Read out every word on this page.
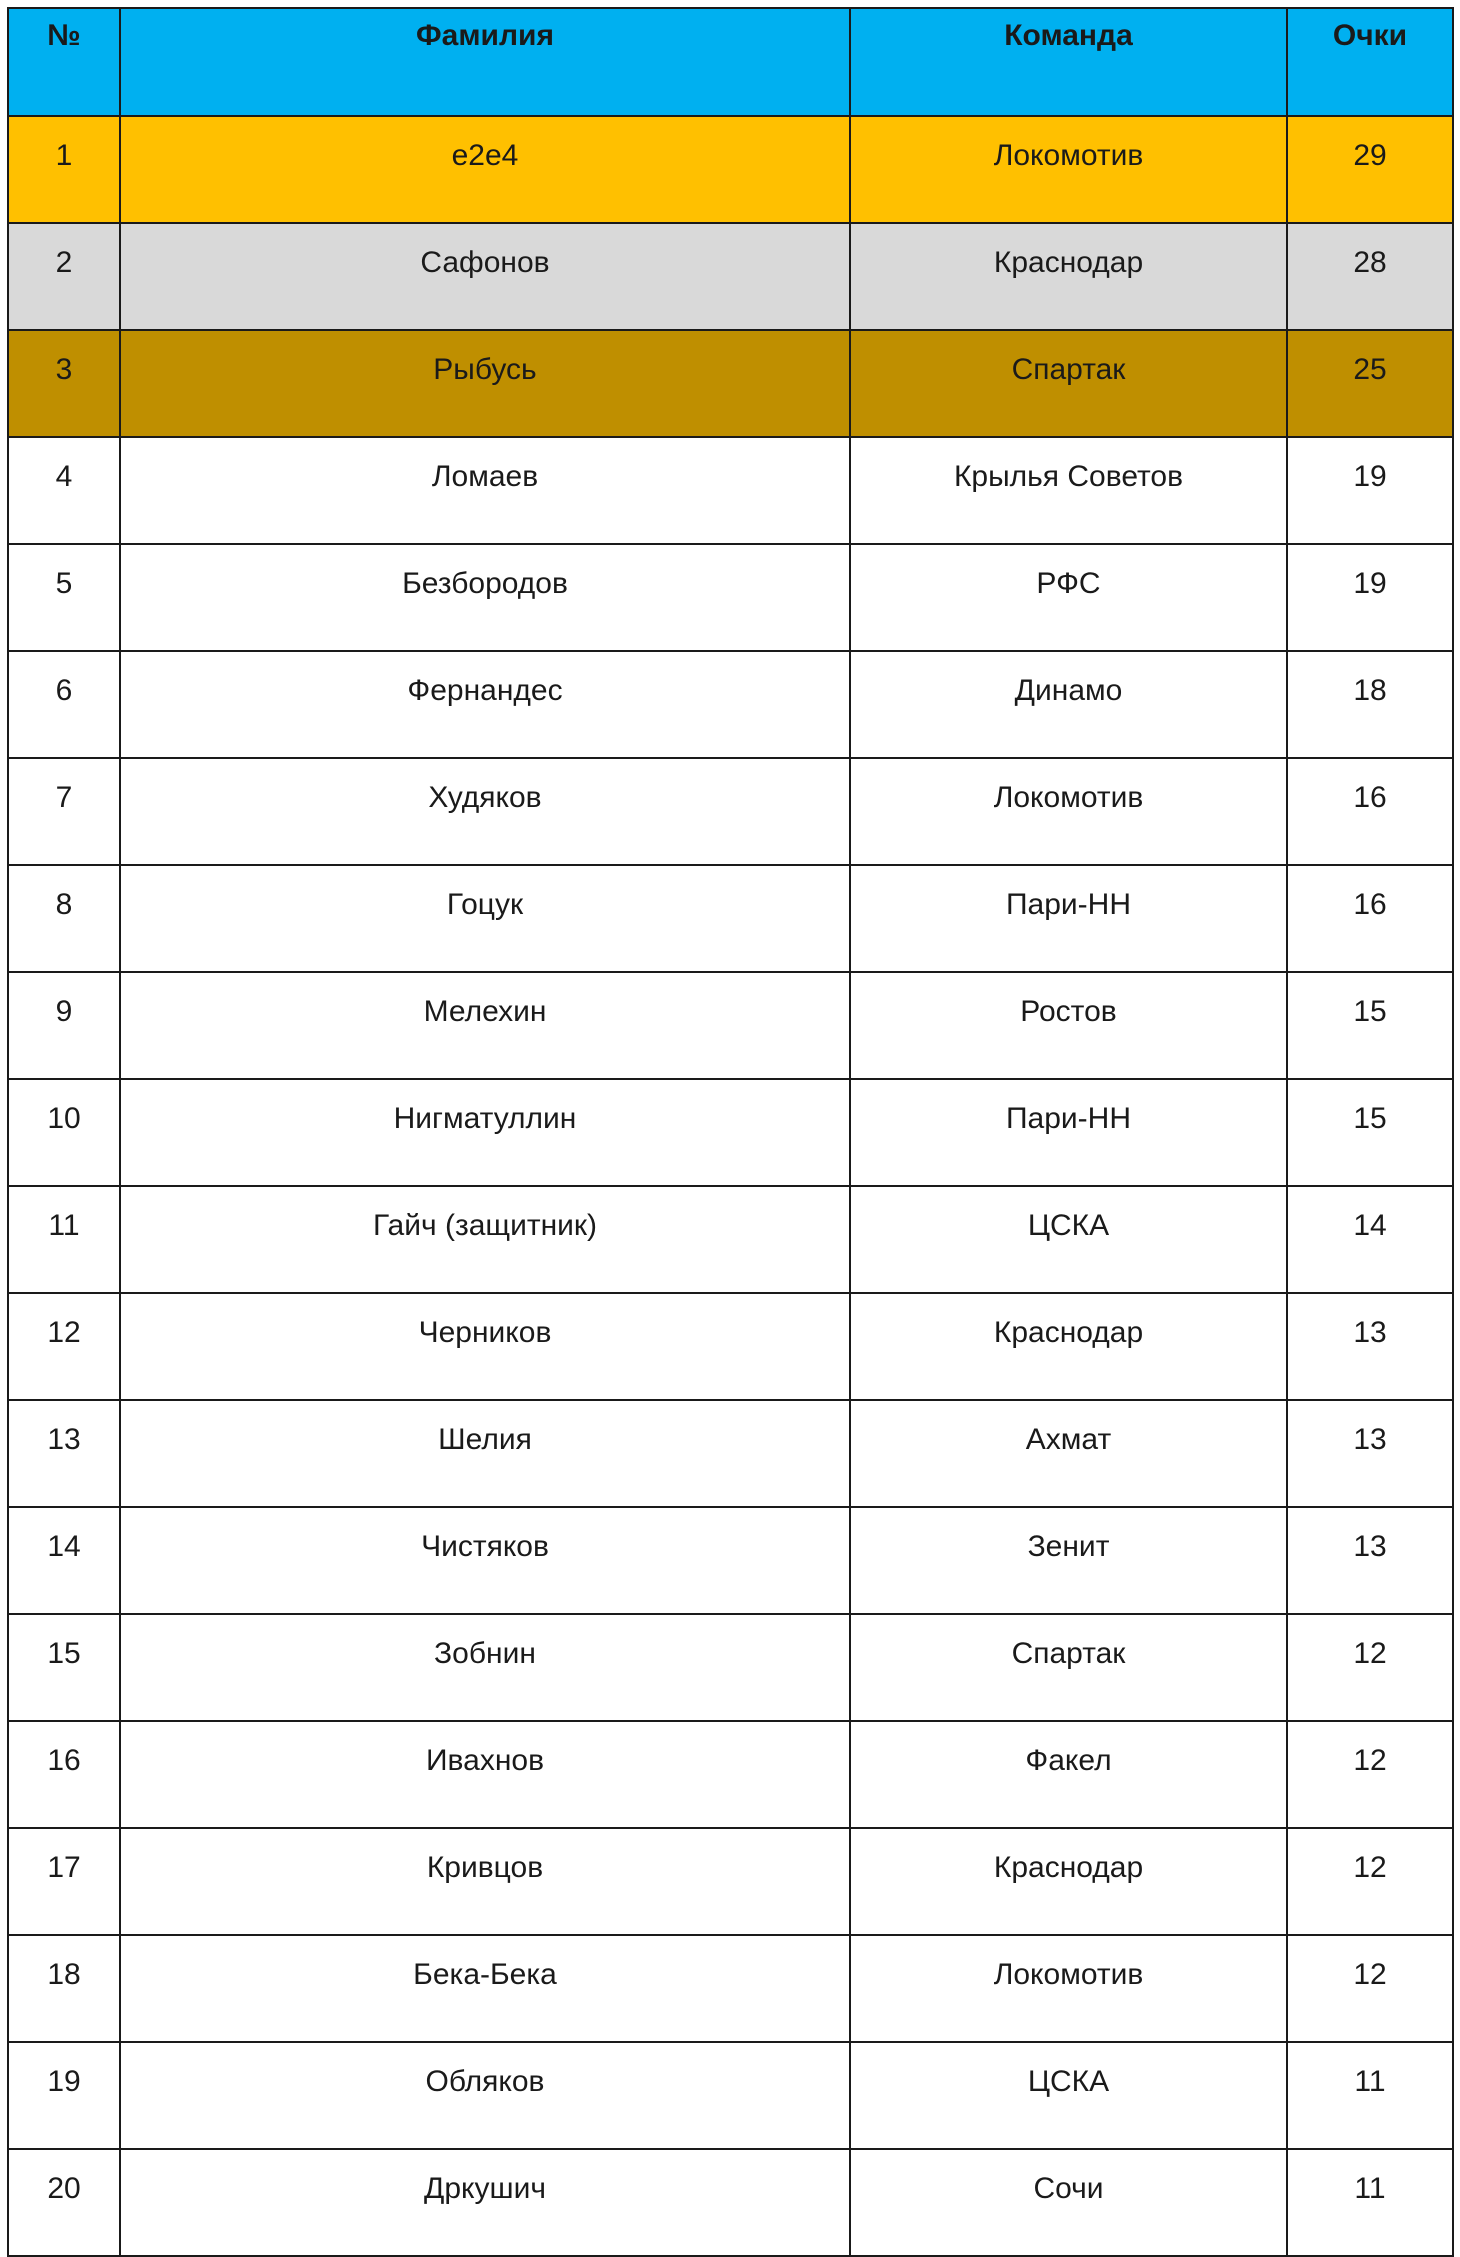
№	Фамилия	Команда	Очки
1	e2e4	Локомотив	29
2	Сафонов	Краснодар	28
3	Рыбусь	Спартак	25
4	Ломаев	Крылья Советов	19
5	Безбородов	РФС	19
6	Фернандес	Динамо	18
7	Худяков	Локомотив	16
8	Гоцук	Пари-НН	16
9	Мелехин	Ростов	15
10	Нигматуллин	Пари-НН	15
11	Гайч (защитник)	ЦСКА	14
12	Черников	Краснодар	13
13	Шелия	Ахмат	13
14	Чистяков	Зенит	13
15	Зобнин	Спартак	12
16	Ивахнов	Факел	12
17	Кривцов	Краснодар	12
18	Бека-Бека	Локомотив	12
19	Обляков	ЦСКА	11
20	Дркушич	Сочи	11
